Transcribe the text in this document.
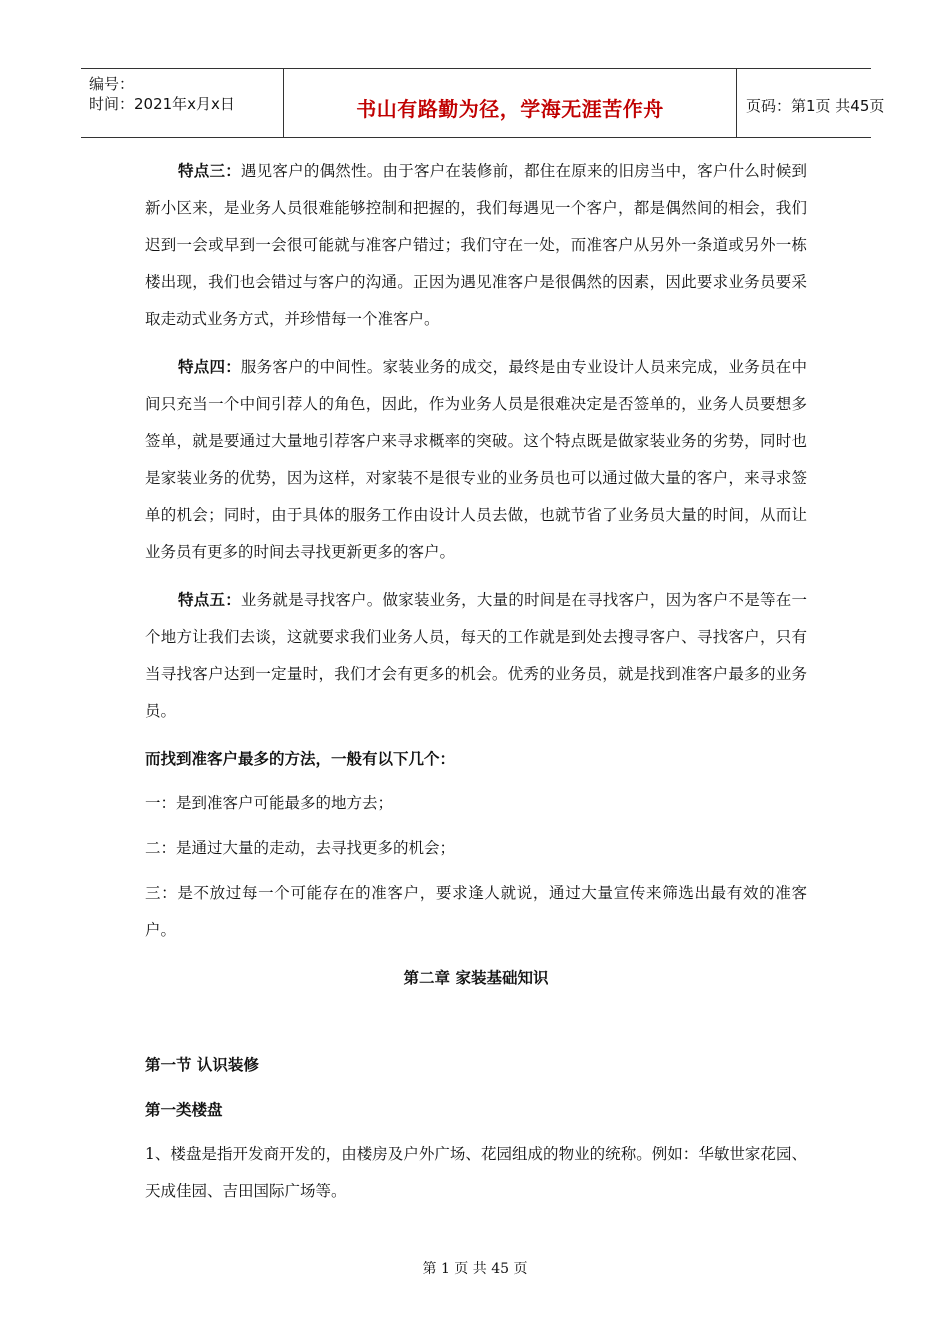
编号：
时间：2021年x月x日	书山有路勤为径，学海无涯苦作舟	页码：第1页 共45页

特点三：遇见客户的偶然性。由于客户在装修前，都住在原来的旧房当中，客户什么时候到新小区来，是业务人员很难能够控制和把握的，我们每遇见一个客户，都是偶然间的相会，我们迟到一会或早到一会很可能就与准客户错过；我们守在一处，而准客户从另外一条道或另外一栋楼出现，我们也会错过与客户的沟通。正因为遇见准客户是很偶然的因素，因此要求业务员要采取走动式业务方式，并珍惜每一个准客户。

特点四：服务客户的中间性。家装业务的成交，最终是由专业设计人员来完成，业务员在中间只充当一个中间引荐人的角色，因此，作为业务人员是很难决定是否签单的，业务人员要想多签单，就是要通过大量地引荐客户来寻求概率的突破。这个特点既是做家装业务的劣势，同时也是家装业务的优势，因为这样，对家装不是很专业的业务员也可以通过做大量的客户，来寻求签单的机会；同时，由于具体的服务工作由设计人员去做，也就节省了业务员大量的时间，从而让业务员有更多的时间去寻找更新更多的客户。

特点五：业务就是寻找客户。做家装业务，大量的时间是在寻找客户，因为客户不是等在一个地方让我们去谈，这就要求我们业务人员，每天的工作就是到处去搜寻客户、寻找客户，只有当寻找客户达到一定量时，我们才会有更多的机会。优秀的业务员，就是找到准客户最多的业务员。

而找到准客户最多的方法，一般有以下几个：

一：是到准客户可能最多的地方去；

二：是通过大量的走动，去寻找更多的机会；

三：是不放过每一个可能存在的准客户，要求逢人就说，通过大量宣传来筛选出最有效的准客户。

第二章 家装基础知识

第一节 认识装修

第一类楼盘

1、楼盘是指开发商开发的，由楼房及户外广场、花园组成的物业的统称。例如：华敏世家花园、天成佳园、吉田国际广场等。

第 1 页 共 45 页
